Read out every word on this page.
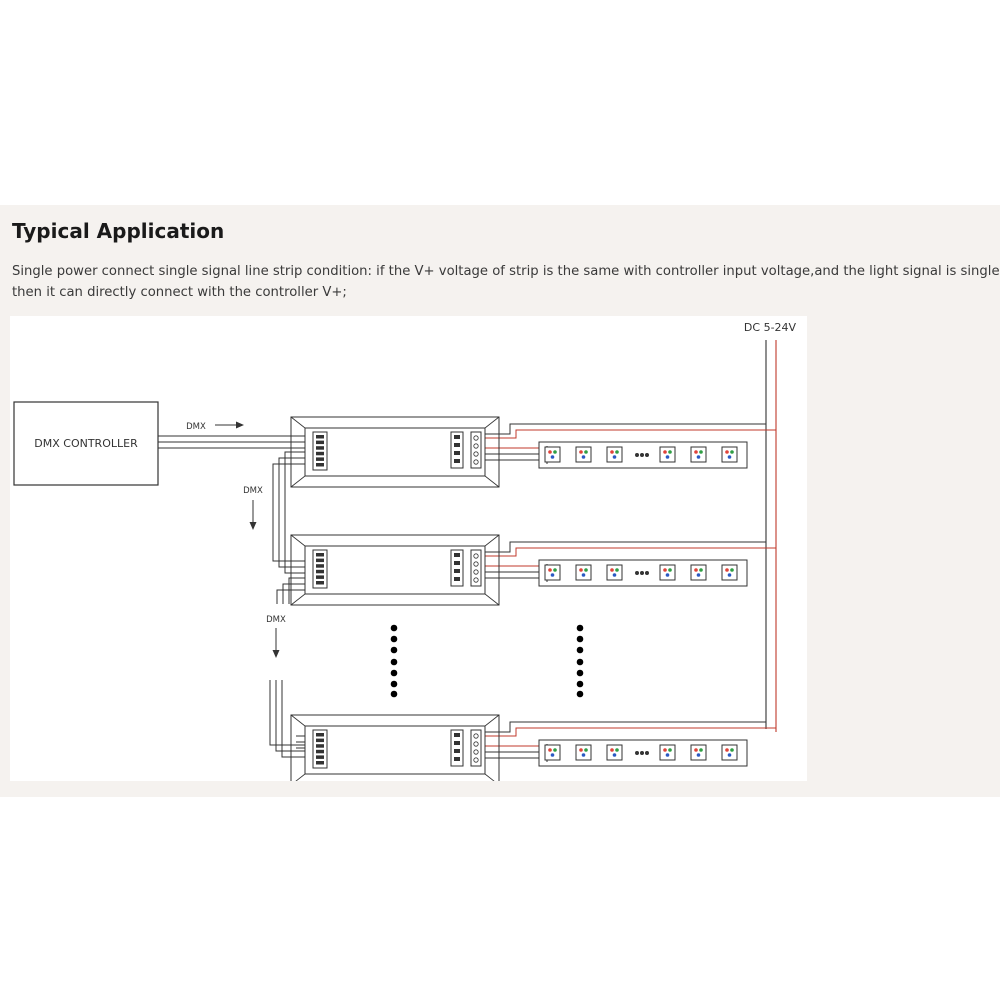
Typical Application

Single power connect single signal line strip condition: if the V+ voltage of strip is the same with controller input voltage,and the light signal is single
then it can directly connect with the controller V+;

DMX CONTROLLER
DMX
DMX
DMX
DC 5-24V
